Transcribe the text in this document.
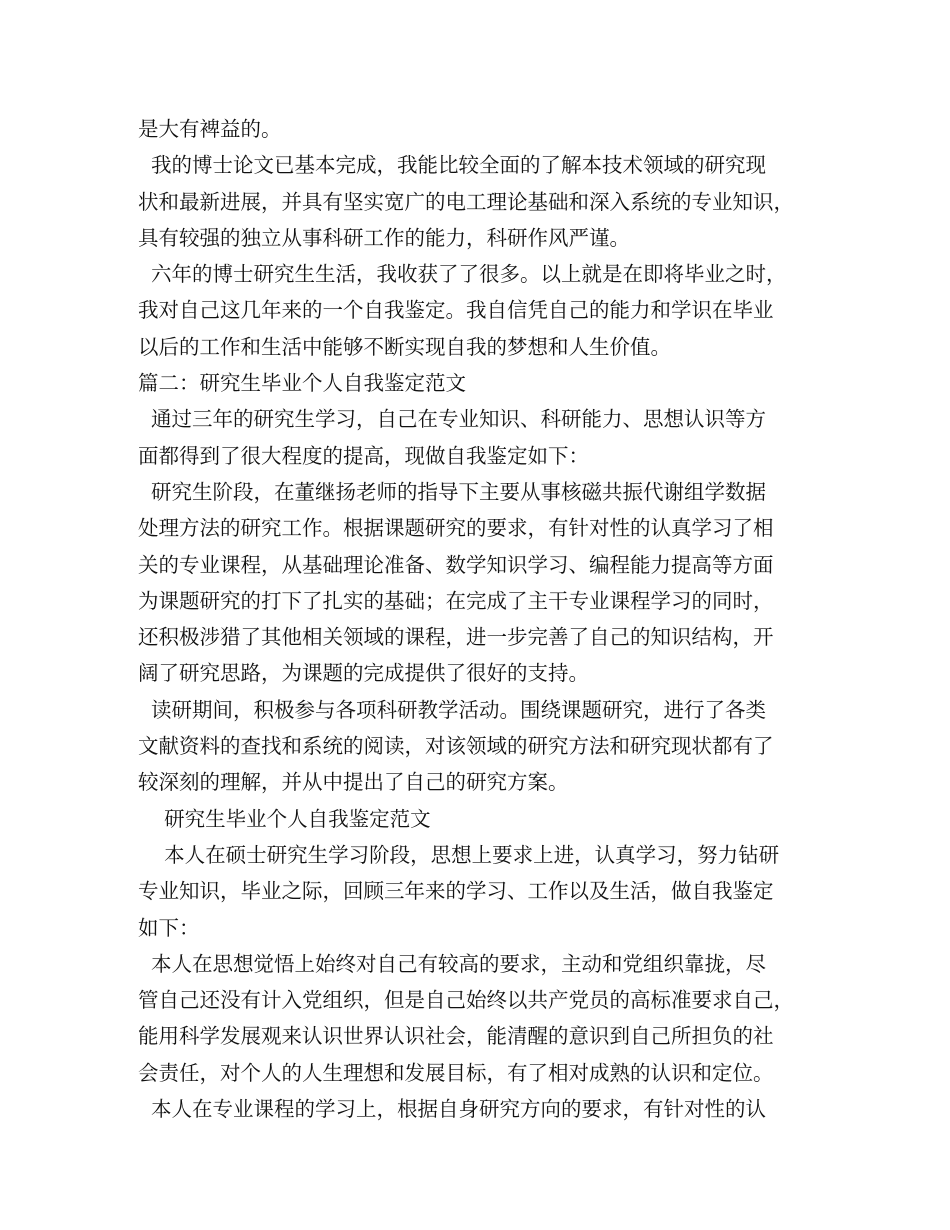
是大有裨益的。
我的博士论文已基本完成，我能比较全面的了解本技术领域的研究现
状和最新进展，并具有坚实宽广的电工理论基础和深入系统的专业知识，
具有较强的独立从事科研工作的能力，科研作风严谨。
六年的博士研究生生活，我收获了了很多。以上就是在即将毕业之时，
我对自己这几年来的一个自我鉴定。我自信凭自己的能力和学识在毕业
以后的工作和生活中能够不断实现自我的梦想和人生价值。
篇二：研究生毕业个人自我鉴定范文
通过三年的研究生学习，自己在专业知识、科研能力、思想认识等方
面都得到了很大程度的提高，现做自我鉴定如下：
研究生阶段，在董继扬老师的指导下主要从事核磁共振代谢组学数据
处理方法的研究工作。根据课题研究的要求，有针对性的认真学习了相
关的专业课程，从基础理论准备、数学知识学习、编程能力提高等方面
为课题研究的打下了扎实的基础；在完成了主干专业课程学习的同时，
还积极涉猎了其他相关领域的课程，进一步完善了自己的知识结构，开
阔了研究思路，为课题的完成提供了很好的支持。
读研期间，积极参与各项科研教学活动。围绕课题研究，进行了各类
文献资料的查找和系统的阅读，对该领域的研究方法和研究现状都有了
较深刻的理解，并从中提出了自己的研究方案。
研究生毕业个人自我鉴定范文
本人在硕士研究生学习阶段，思想上要求上进，认真学习，努力钻研
专业知识，毕业之际，回顾三年来的学习、工作以及生活，做自我鉴定
如下：
本人在思想觉悟上始终对自己有较高的要求，主动和党组织靠拢，尽
管自己还没有计入党组织，但是自己始终以共产党员的高标准要求自己，
能用科学发展观来认识世界认识社会，能清醒的意识到自己所担负的社
会责任，对个人的人生理想和发展目标，有了相对成熟的认识和定位。
本人在专业课程的学习上，根据自身研究方向的要求，有针对性的认
